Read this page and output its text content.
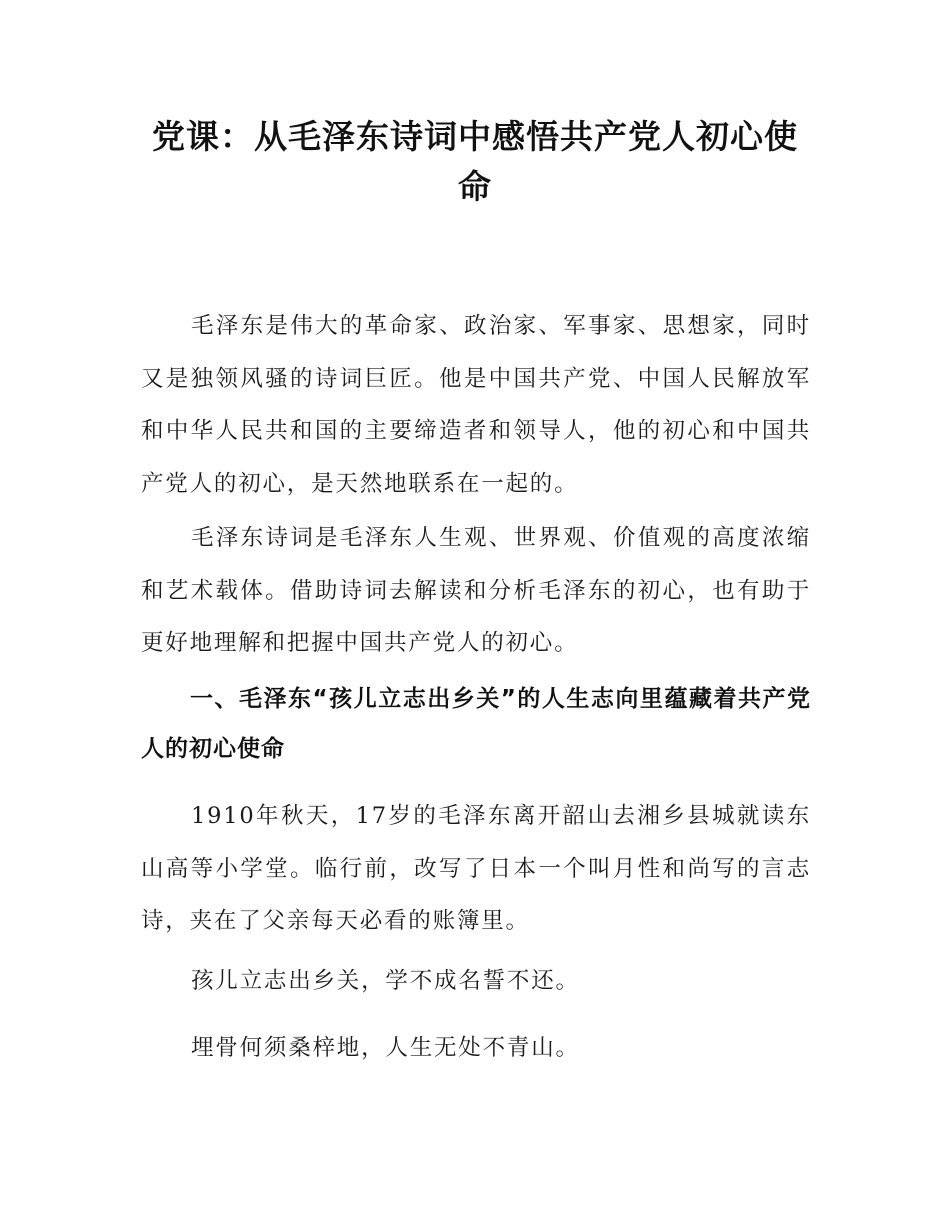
党课：从毛泽东诗词中感悟共产党人初心使命

毛泽东是伟大的革命家、政治家、军事家、思想家，同时又是独领风骚的诗词巨匠。他是中国共产党、中国人民解放军和中华人民共和国的主要缔造者和领导人，他的初心和中国共产党人的初心，是天然地联系在一起的。

毛泽东诗词是毛泽东人生观、世界观、价值观的高度浓缩和艺术载体。借助诗词去解读和分析毛泽东的初心，也有助于更好地理解和把握中国共产党人的初心。

一、毛泽东“孩儿立志出乡关”的人生志向里蕴藏着共产党人的初心使命

1910年秋天，17岁的毛泽东离开韶山去湘乡县城就读东山高等小学堂。临行前，改写了日本一个叫月性和尚写的言志诗，夹在了父亲每天必看的账簿里。

孩儿立志出乡关，学不成名誓不还。

埋骨何须桑梓地，人生无处不青山。
